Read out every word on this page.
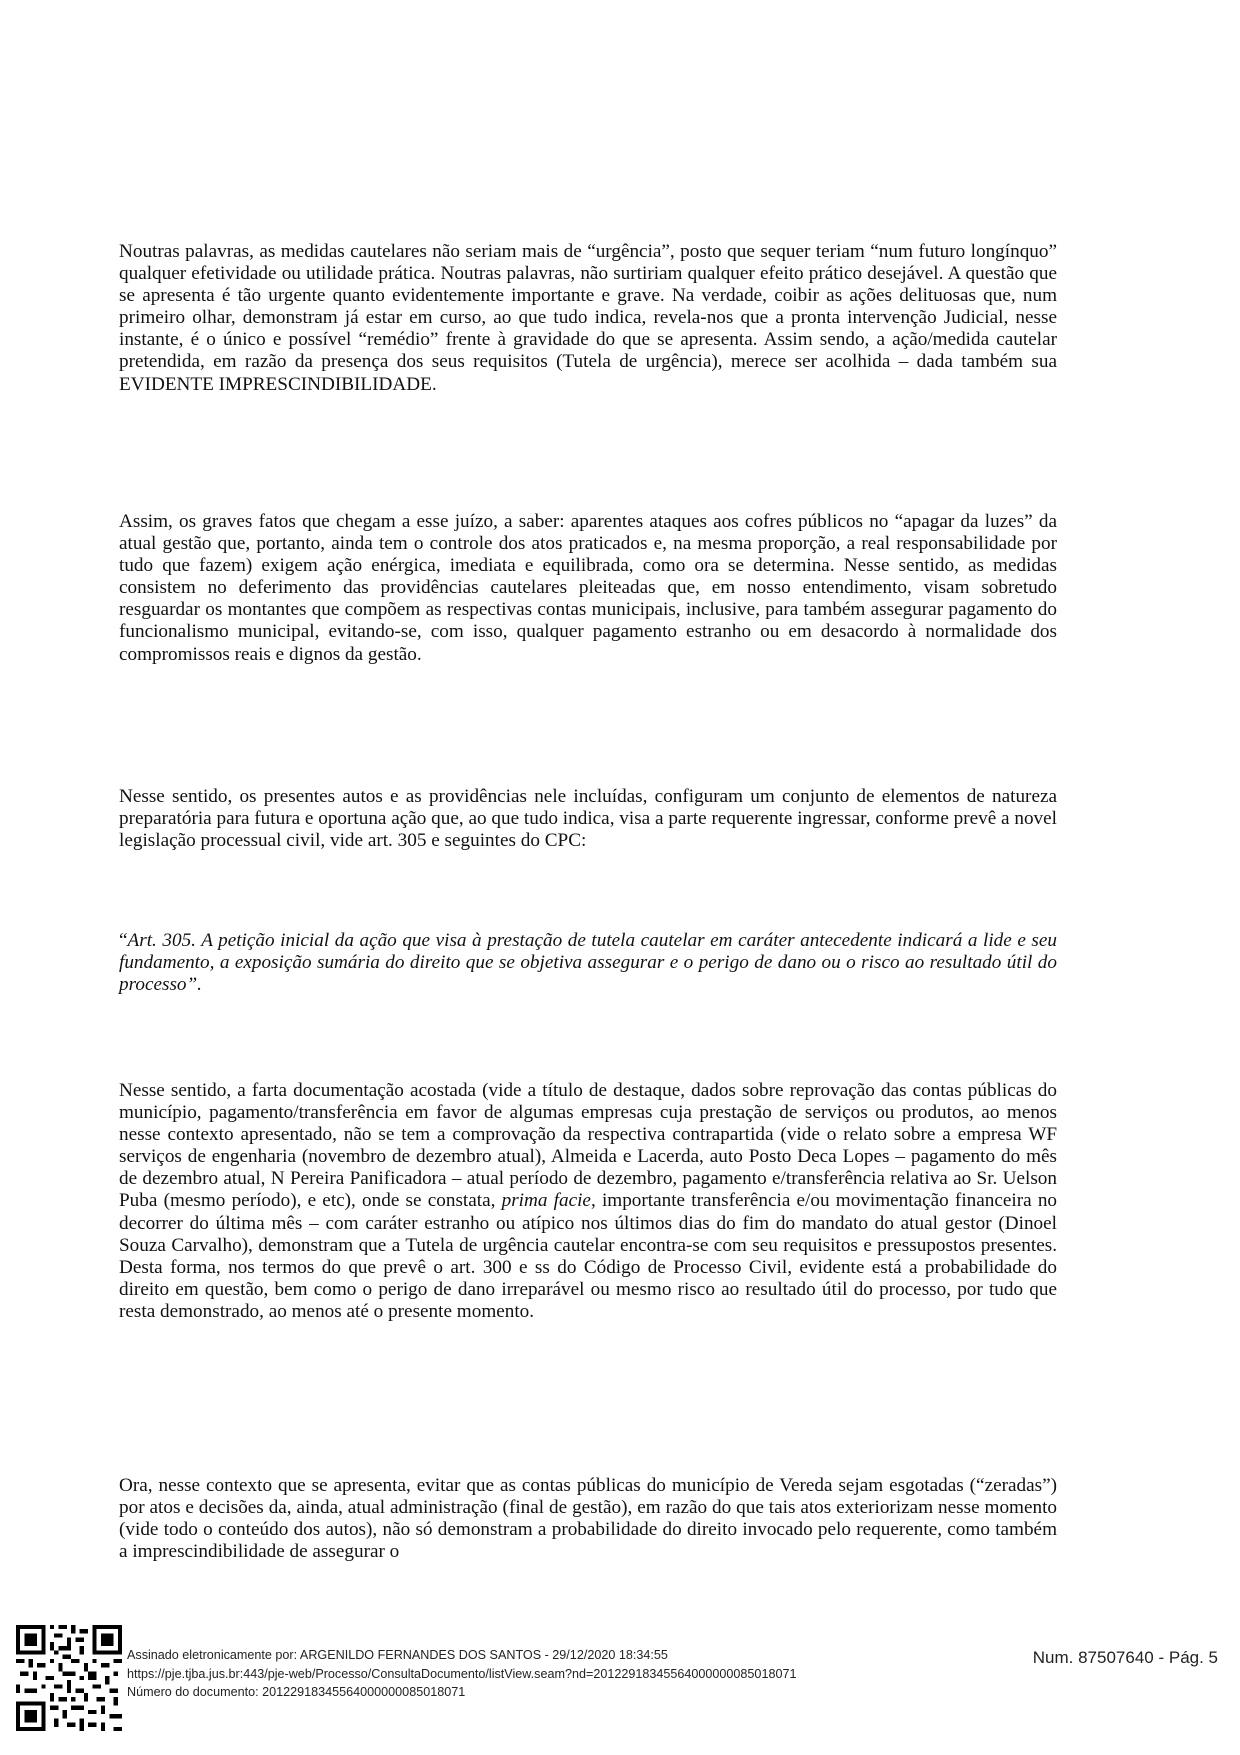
Noutras palavras, as medidas cautelares não seriam mais de “urgência”, posto que sequer teriam “num futuro longínquo” qualquer efetividade ou utilidade prática. Noutras palavras, não surtiriam qualquer efeito prático desejável. A questão que se apresenta é tão urgente quanto evidentemente importante e grave. Na verdade, coibir as ações delituosas que, num primeiro olhar, demonstram já estar em curso, ao que tudo indica, revela-nos que a pronta intervenção Judicial, nesse instante, é o único e possível “remédio” frente à gravidade do que se apresenta. Assim sendo, a ação/medida cautelar pretendida, em razão da presença dos seus requisitos (Tutela de urgência), merece ser acolhida – dada também sua EVIDENTE IMPRESCINDIBILIDADE.

Assim, os graves fatos que chegam a esse juízo, a saber: aparentes ataques aos cofres públicos no “apagar da luzes” da atual gestão que, portanto, ainda tem o controle dos atos praticados e, na mesma proporção, a real responsabilidade por tudo que fazem) exigem ação enérgica, imediata e equilibrada, como ora se determina. Nesse sentido, as medidas consistem no deferimento das providências cautelares pleiteadas que, em nosso entendimento, visam sobretudo resguardar os montantes que compõem as respectivas contas municipais, inclusive, para também assegurar pagamento do funcionalismo municipal, evitando-se, com isso, qualquer pagamento estranho ou em desacordo à normalidade dos compromissos reais e dignos da gestão.

Nesse sentido, os presentes autos e as providências nele incluídas, configuram um conjunto de elementos de natureza preparatória para futura e oportuna ação que, ao que tudo indica, visa a parte requerente ingressar, conforme prevê a novel legislação processual civil, vide art. 305 e seguintes do CPC:

“Art. 305. A petição inicial da ação que visa à prestação de tutela cautelar em caráter antecedente indicará a lide e seu fundamento, a exposição sumária do direito que se objetiva assegurar e o perigo de dano ou o risco ao resultado útil do processo”.

Nesse sentido, a farta documentação acostada (vide a título de destaque, dados sobre reprovação das contas públicas do município, pagamento/transferência em favor de algumas empresas cuja prestação de serviços ou produtos, ao menos nesse contexto apresentado, não se tem a comprovação da respectiva contrapartida (vide o relato sobre a empresa WF serviços de engenharia (novembro de dezembro atual), Almeida e Lacerda, auto Posto Deca Lopes – pagamento do mês de dezembro atual, N Pereira Panificadora – atual período de dezembro, pagamento e/transferência relativa ao Sr. Uelson Puba (mesmo período), e etc), onde se constata, prima facie, importante transferência e/ou movimentação financeira no decorrer do última mês – com caráter estranho ou atípico nos últimos dias do fim do mandato do atual gestor (Dinoel Souza Carvalho), demonstram que a Tutela de urgência cautelar encontra-se com seu requisitos e pressupostos presentes. Desta forma, nos termos do que prevê o art. 300 e ss do Código de Processo Civil, evidente está a probabilidade do direito em questão, bem como o perigo de dano irreparável ou mesmo risco ao resultado útil do processo, por tudo que resta demonstrado, ao menos até o presente momento.

Ora, nesse contexto que se apresenta, evitar que as contas públicas do município de Vereda sejam esgotadas (“zeradas”) por atos e decisões da, ainda, atual administração (final de gestão), em razão do que tais atos exteriorizam nesse momento (vide todo o conteúdo dos autos), não só demonstram a probabilidade do direito invocado pelo requerente, como também a imprescindibilidade de assegurar o

Assinado eletronicamente por: ARGENILDO FERNANDES DOS SANTOS - 29/12/2020 18:34:55
https://pje.tjba.jus.br:443/pje-web/Processo/ConsultaDocumento/listView.seam?nd=20122918345564000000085018071
Número do documento: 20122918345564000000085018071
Num. 87507640 - Pág. 5
